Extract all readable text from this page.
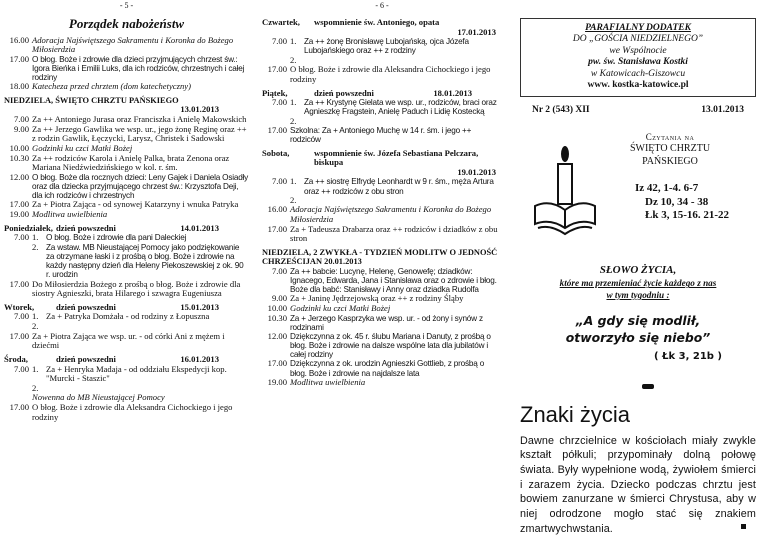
- 5 -
Porządek nabożeństw
16.00 Adoracja Najświętszego Sakramentu i Koronka do Bożego Miłosierdzia
17.00 O błog. Boże i zdrowie dla dzieci przyjmujących chrzest św.: Igora Bieńka i Emilii Luks, dla ich rodziców, chrzestnych i całej rodziny
18.00 Katecheza przed chrztem (dom katechetyczny)
NIEDZIELA, ŚWIĘTO CHRZTU PAŃSKIEGO
13.01.2013
7.00 Za ++ Antoniego Jurasa oraz Franciszka i Anielę Makowskich
9.00 Za ++ Jerzego Gawlika we wsp. ur., jego żonę Reginę oraz ++ z rodzin Gawlik, Łęczycki, Larysz, Christek i Sadowski
10.00 Godzinki ku czci Matki Bożej
10.30 Za ++ rodziców Karola i Anielę Palka, brata Zenona oraz Mariana Niedźwiedzińskiego w kol. r. śm.
12.00 O błog. Boże dla rocznych dzieci: Leny Gajek i Daniela Osiadły oraz dla dziecka przyjmującego chrzest św.: Krzysztofa Deji, dla ich rodziców i chrzestnych
17.00 Za + Piotra Zająca - od synowej Katarzyny i wnuka Patryka
19.00 Modlitwa uwielbienia
Poniedziałek, dzień powszedni	14.01.2013
7.00 1. O błog. Boże i zdrowie dla pani Daleckiej
2. Za wstaw. MB Nieustającej Pomocy jako podziękowanie za otrzymane łaski i z prośbą o błog. Boże i zdrowie na każdy następny dzień dla Heleny Piekoszewskiej z ok. 90 r. urodzin
17.00 Do Miłosierdzia Bożego z prośbą o błog. Boże i zdrowie dla siostry Agnieszki, brata Hilarego i szwagra Eugeniusza
Wtorek,	dzień powszedni	15.01.2013
7.00 1. Za + Patryka Domżała - od rodziny z Łopuszna
2.
17.00 Za + Piotra Zająca we wsp. ur. - od córki Ani z mężem i dziećmi
Środa,	dzień powszedni	16.01.2013
7.00 1. Za + Henryka Madaja - od oddziału Ekspedycji kop. "Murcki - Staszic"
2.
Nowenna do MB Nieustającej Pomocy
17.00 O błog. Boże i zdrowie dla Aleksandra Cichockiego i jego rodziny
- 6 -
Czwartek,	wspomnienie św. Antoniego, opata
17.01.2013
7.00 1. Za ++ żonę Bronisławę Lubojańską, ojca Józefa Lubojańskiego oraz ++ z rodziny
2.
17.00 O błog. Boże i zdrowie dla Aleksandra Cichockiego i jego rodziny
Piątek,	dzień powszedni	18.01.2013
7.00 1. Za ++ Krystynę Gielata we wsp. ur., rodziców, braci oraz Agnieszkę Fragstein, Anielę Paduch i Lidię Kostecką
2.
17.00 Szkolna: Za + Antoniego Muchę w 14 r. śm. i jego ++ rodziców
Sobota,	wspomnienie św. Józefa Sebastiana Pelczara, biskupa
19.01.2013
7.00 1. Za ++ siostrę Elfrydę Leonhardt w 9 r. śm., męża Artura oraz ++ rodziców z obu stron
2.
16.00 Adoracja Najświętszego Sakramentu i Koronka do Bożego Miłosierdzia
17.00 Za + Tadeusza Drabarza oraz ++ rodziców i dziadków z obu stron
NIEDZIELA, 2 ZWYKŁA - TYDZIEŃ MODLITW O JEDNOŚĆ CHRZEŚCIJAN 20.01.2013
7.00 Za ++ babcie: Lucynę, Helenę, Genowefę; dziadków: Ignacego, Edwarda, Jana i Stanisława oraz o zdrowie i błog. Boże dla babć: Stanisławy i Anny oraz dziadka Rudolfa
9.00 Za + Janinę Jędrzejowską oraz ++ z rodziny Śląby
10.00 Godzinki ku czci Matki Bożej
10.30 Za + Jerzego Kasprzyka we wsp. ur. - od żony i synów z rodzinami
12.00 Dziękczynna z ok. 45 r. ślubu Mariana i Danuty, z prośbą o błog. Boże i zdrowie na dalsze wspólne lata dla jubilatów i całej rodziny
17.00 Dziękczynna z ok. urodzin Agnieszki Gottlieb, z prośbą o błog. Boże i zdrowie na najdalsze lata
19.00 Modlitwa uwielbienia
PARAFIALNY DODATEK
DO „GOŚCIA NIEDZIELNEGO”
we Wspólnocie
pw. św. Stanisława Kostki
w Katowicach-Giszowcu
www. kostka-katowice.pl
Nr 2 (543) XII	13.01.2013
Czytania na
ŚWIĘTO CHRZTU
PAŃSKIEGO
Iz 42, 1-4. 6-7
Dz 10, 34 - 38
Łk 3, 15-16. 21-22
SŁOWO ŻYCIA,
które ma przemieniać życie każdego z nas
w tym tygodniu :
„A gdy się modlił,
otworzyło się niebo”
( Łk 3, 21b )
Znaki życia
Dawne chrzcielnice w kościołach miały zwykle kształt półkuli; przypominały dolną połowę świata. Były wypełnione wodą, żywiołem śmierci i zarazem życia. Dziecko podczas chrztu jest bowiem zanurzane w śmierci Chrystusa, aby w niej odrodzone mogło stać się znakiem zmartwychwstania.
